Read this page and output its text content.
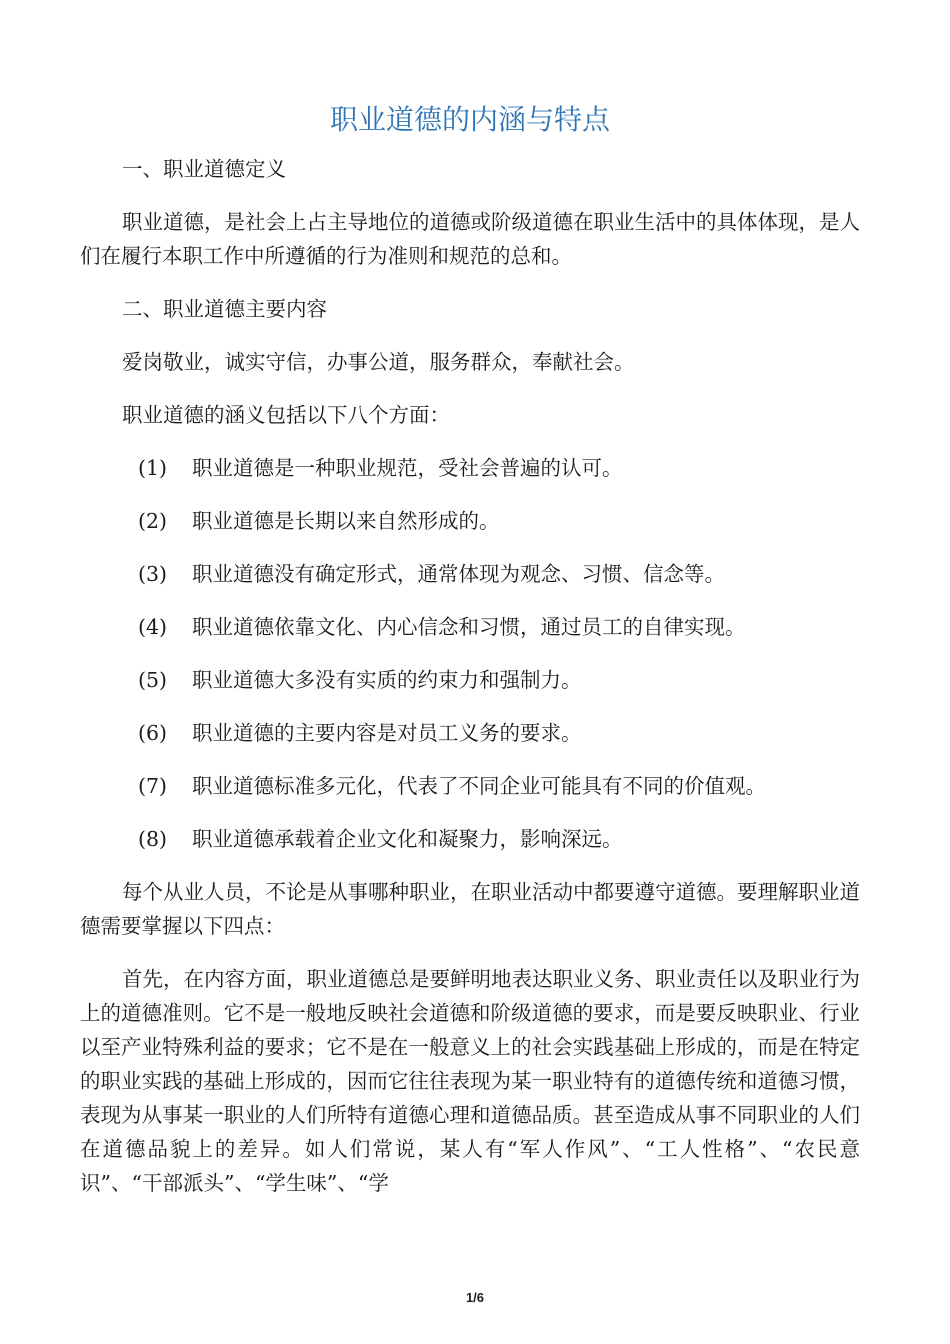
职业道德的内涵与特点

一、职业道德定义

职业道德，是社会上占主导地位的道德或阶级道德在职业生活中的具体体现，是人们在履行本职工作中所遵循的行为准则和规范的总和。

二、职业道德主要内容

爱岗敬业，诚实守信，办事公道，服务群众，奉献社会。

职业道德的涵义包括以下八个方面：

(1)	职业道德是一种职业规范，受社会普遍的认可。
(2)	职业道德是长期以来自然形成的。
(3)	职业道德没有确定形式，通常体现为观念、习惯、信念等。
(4)	职业道德依靠文化、内心信念和习惯，通过员工的自律实现。
(5)	职业道德大多没有实质的约束力和强制力。
(6)	职业道德的主要内容是对员工义务的要求。
(7)	职业道德标准多元化，代表了不同企业可能具有不同的价值观。
(8)	职业道德承载着企业文化和凝聚力，影响深远。

每个从业人员，不论是从事哪种职业，在职业活动中都要遵守道德。要理解职业道德需要掌握以下四点：

首先，在内容方面，职业道德总是要鲜明地表达职业义务、职业责任以及职业行为上的道德准则。它不是一般地反映社会道德和阶级道德的要求，而是要反映职业、行业以至产业特殊利益的要求；它不是在一般意义上的社会实践基础上形成的，而是在特定的职业实践的基础上形成的，因而它往往表现为某一职业特有的道德传统和道德习惯，表现为从事某一职业的人们所特有道德心理和道德品质。甚至造成从事不同职业的人们在道德品貌上的差异。如人们常说，某人有“军人作风”、“工人性格”、“农民意识”、“干部派头”、“学生味”、“学

1/6
